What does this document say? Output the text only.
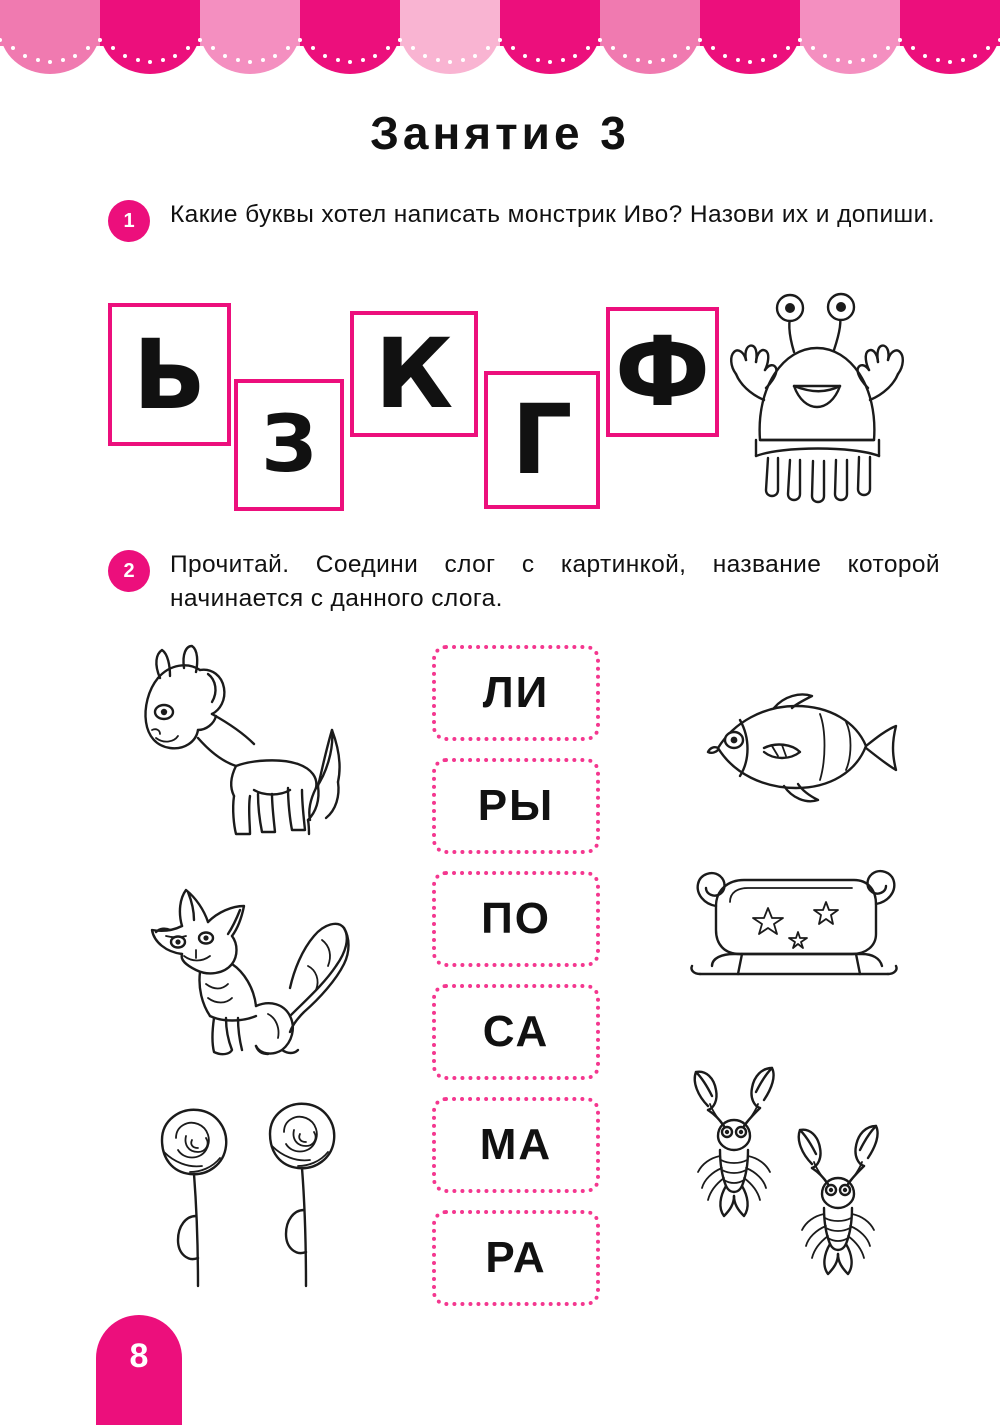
Занятие 3
1	Какие буквы хотел написать монстрик Иво? Назови их и допиши.
Ь
З
К
Г
Ф
2	Прочитай. Соедини слог с картинкой, название которой начинается с данного слога.
ЛИ
РЫ
ПО
СА
МА
РА
8
